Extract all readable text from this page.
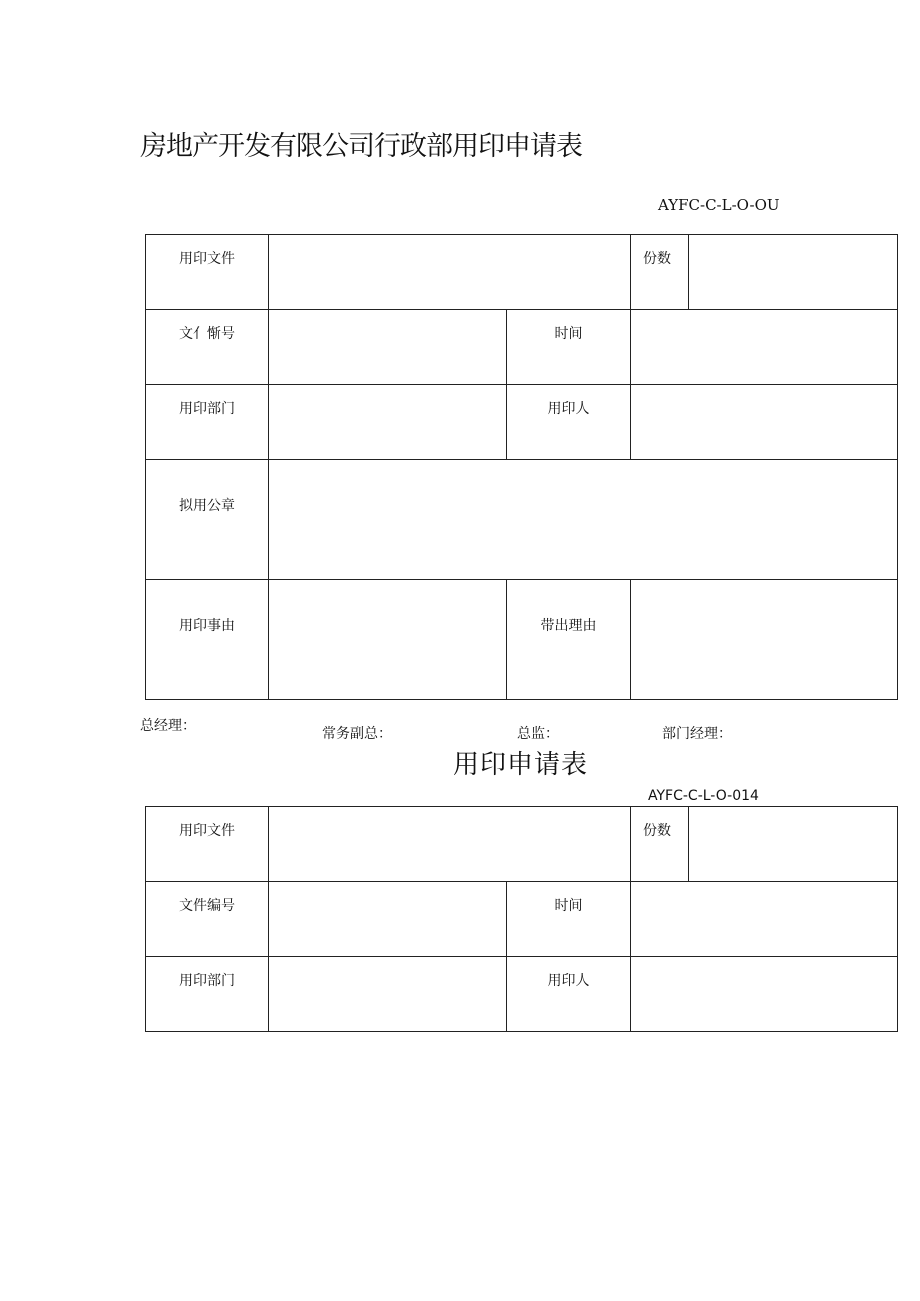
房地产开发有限公司行政部用印申请表
AYFC-C-L-O-OU
用印文件			份数	
文亻惭号		时间		
用印部门		用印人		
拟用公章				
用印事由		带出理由		
总经理：	常务副总：	总监：	部门经理：
用印申请表
AYFC-C-L-O-014
用印文件			份数	
文件编号		时间		
用印部门		用印人		
